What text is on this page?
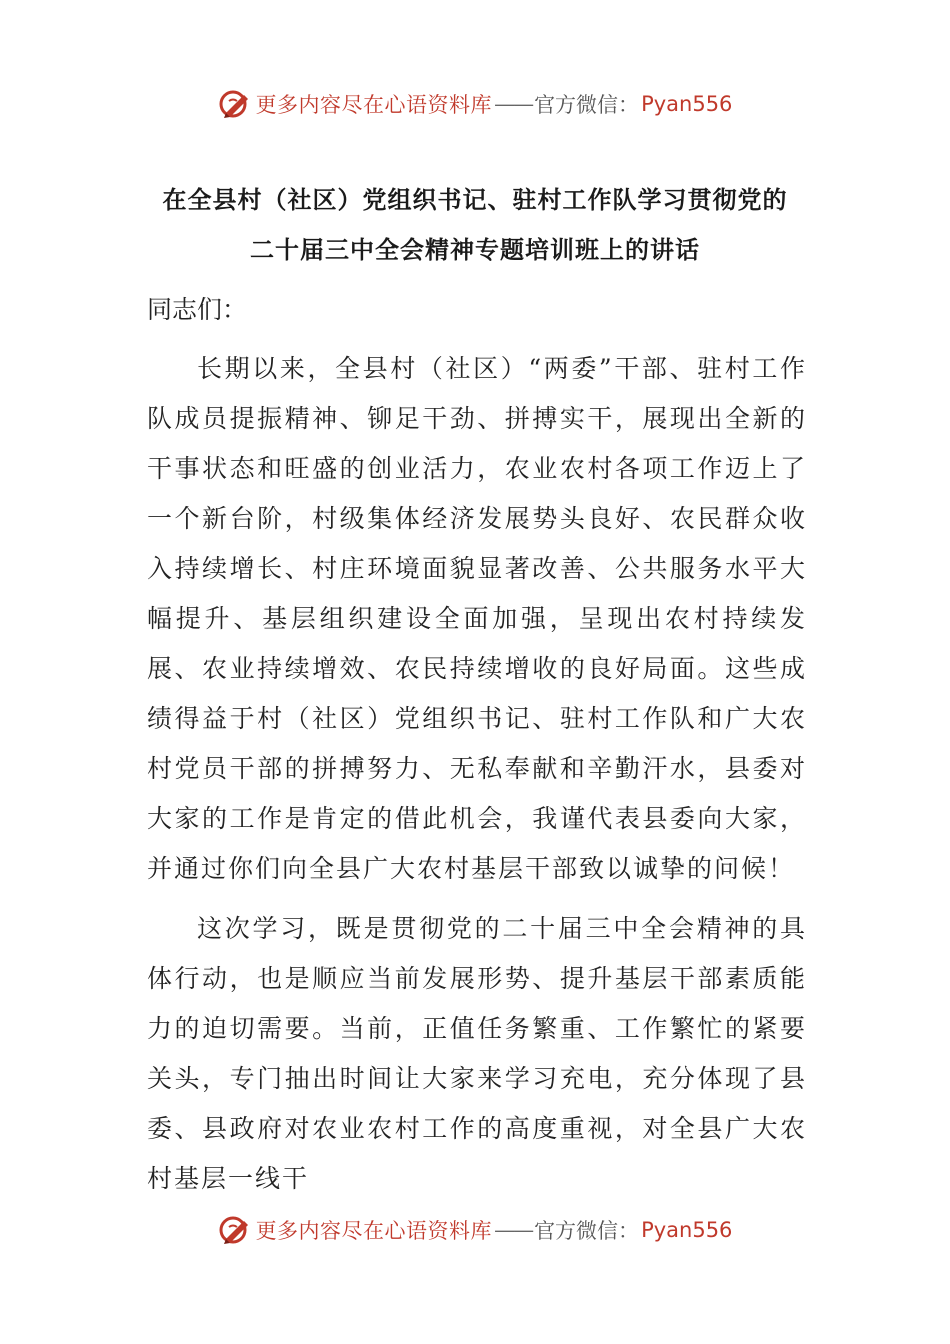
更多内容尽在心语资料库 —— 官方微信： Pyan556
在全县村（社区）党组织书记、驻村工作队学习贯彻党的
二十届三中全会精神专题培训班上的讲话
同志们：

长期以来，全县村（社区）“两委”干部、驻村工作队成员提振精神、铆足干劲、拼搏实干，展现出全新的干事状态和旺盛的创业活力，农业农村各项工作迈上了一个新台阶，村级集体经济发展势头良好、农民群众收入持续增长、村庄环境面貌显著改善、公共服务水平大幅提升、基层组织建设全面加强，呈现出农村持续发展、农业持续增效、农民持续增收的良好局面。这些成绩得益于村（社区）党组织书记、驻村工作队和广大农村党员干部的拼搏努力、无私奉献和辛勤汗水，县委对大家的工作是肯定的借此机会，我谨代表县委向大家，并通过你们向全县广大农村基层干部致以诚挚的问候！

这次学习，既是贯彻党的二十届三中全会精神的具体行动，也是顺应当前发展形势、提升基层干部素质能力的迫切需要。当前，正值任务繁重、工作繁忙的紧要关头，专门抽出时间让大家来学习充电，充分体现了县委、县政府对农业农村工作的高度重视，对全县广大农村基层一线干

更多内容尽在心语资料库 —— 官方微信： Pyan556
